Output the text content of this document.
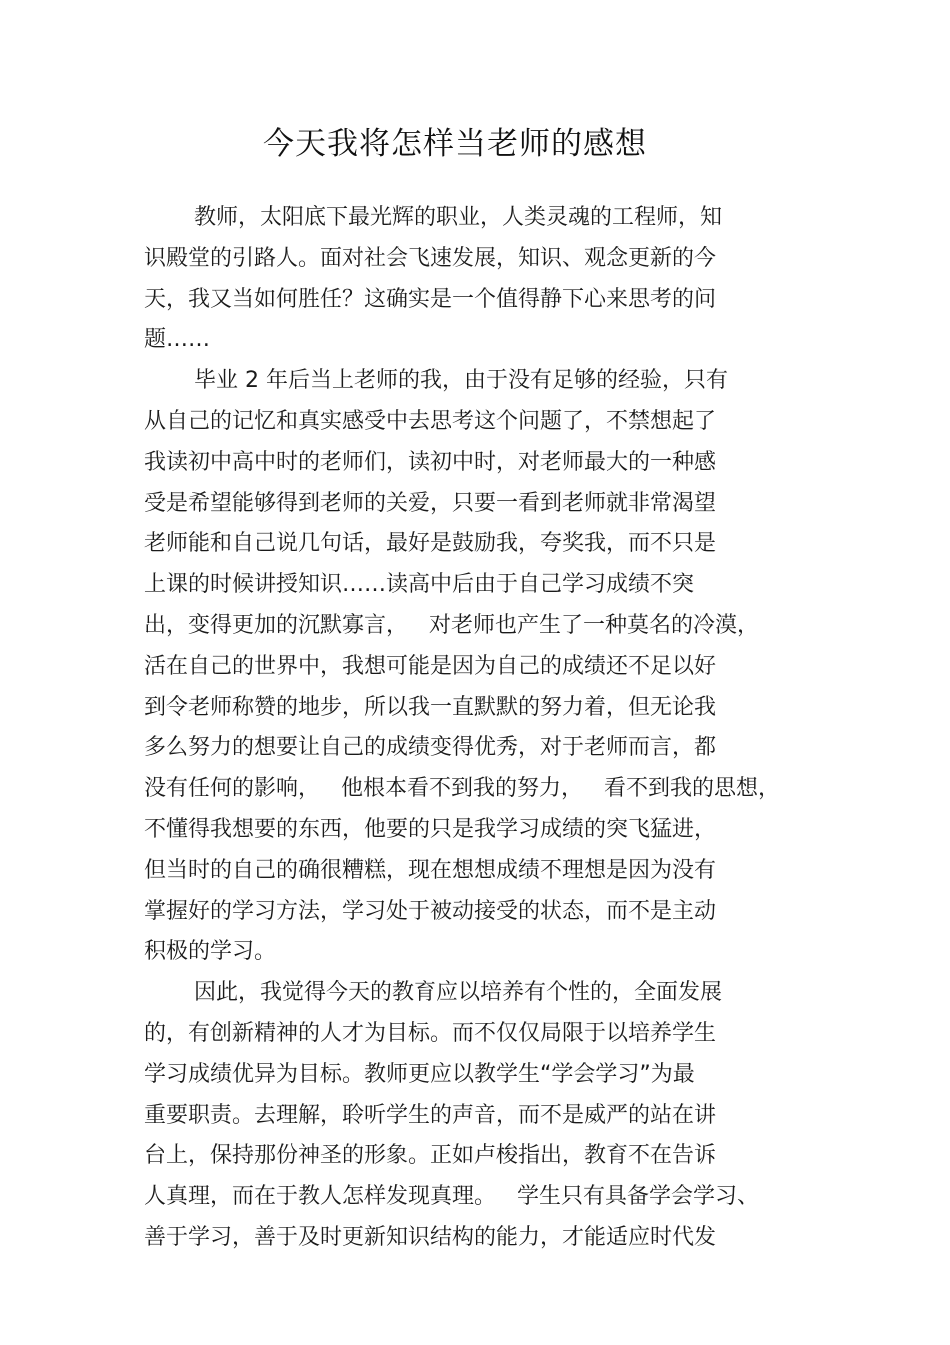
今天我将怎样当老师的感想
教师，太阳底下最光辉的职业，人类灵魂的工程师，知
识殿堂的引路人。面对社会飞速发展，知识、观念更新的今
天，我又当如何胜任？这确实是一个值得静下心来思考的问
题……
毕业 2 年后当上老师的我，由于没有足够的经验，只有
从自己的记忆和真实感受中去思考这个问题了，不禁想起了
我读初中高中时的老师们，读初中时，对老师最大的一种感
受是希望能够得到老师的关爱，只要一看到老师就非常渴望
老师能和自己说几句话，最好是鼓励我，夸奖我，而不只是
上课的时候讲授知识……读高中后由于自己学习成绩不突
出，变得更加的沉默寡言，   对老师也产生了一种莫名的冷漠，
活在自己的世界中，我想可能是因为自己的成绩还不足以好
到令老师称赞的地步，所以我一直默默的努力着，但无论我
多么努力的想要让自己的成绩变得优秀，对于老师而言，都
没有任何的影响，   他根本看不到我的努力，   看不到我的思想，
不懂得我想要的东西，他要的只是我学习成绩的突飞猛进，
但当时的自己的确很糟糕，现在想想成绩不理想是因为没有
掌握好的学习方法，学习处于被动接受的状态，而不是主动
积极的学习。
因此，我觉得今天的教育应以培养有个性的，全面发展
的，有创新精神的人才为目标。而不仅仅局限于以培养学生
学习成绩优异为目标。教师更应以教学生“学会学习”为最
重要职责。去理解，聆听学生的声音，而不是威严的站在讲
台上，保持那份神圣的形象。正如卢梭指出，教育不在告诉
人真理，而在于教人怎样发现真理。   学生只有具备学会学习、
善于学习，善于及时更新知识结构的能力，才能适应时代发
